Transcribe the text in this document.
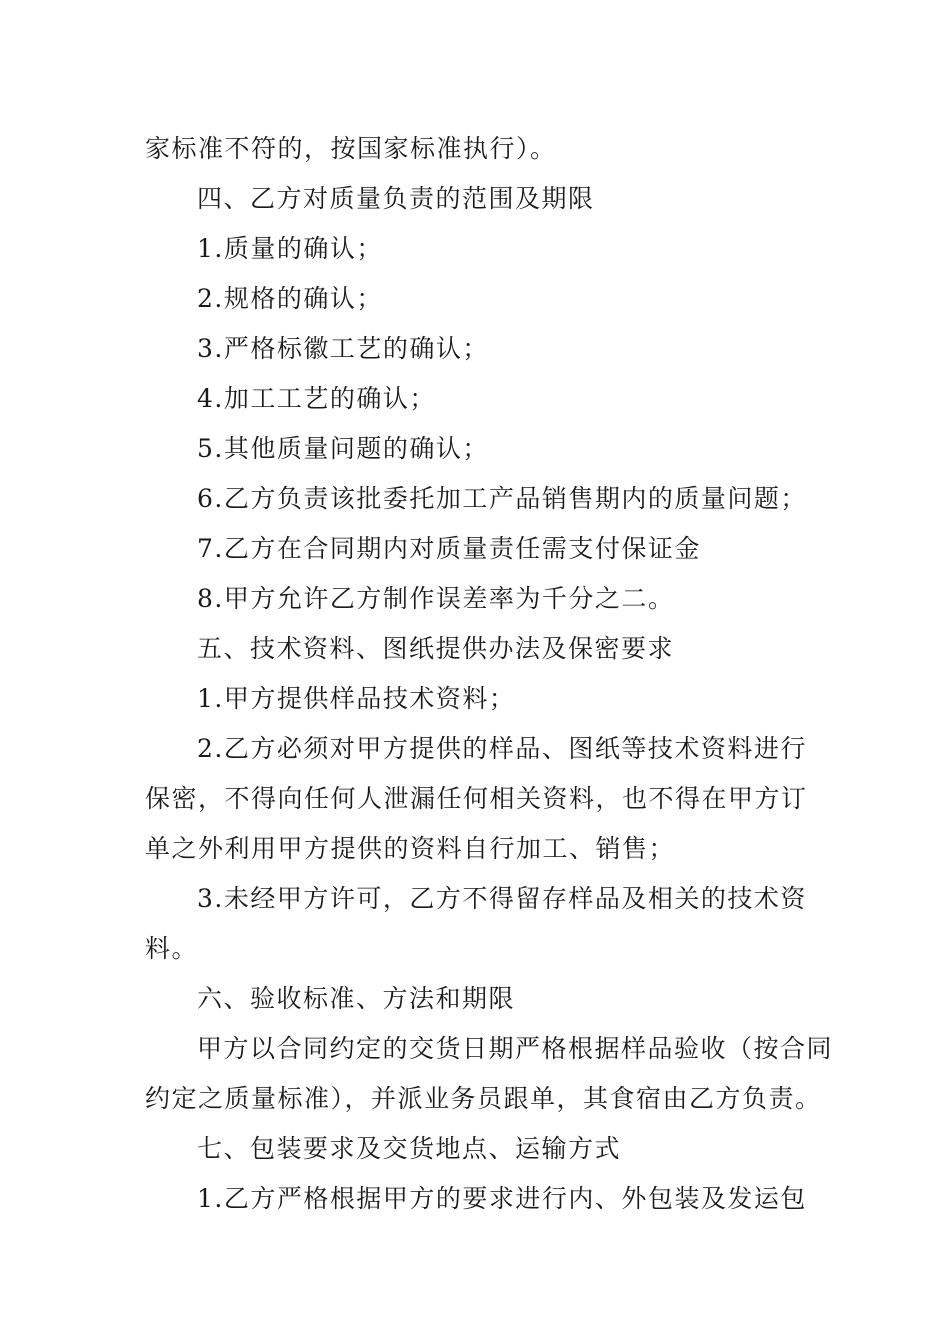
家标准不符的，按国家标准执行）。
四、乙方对质量负责的范围及期限
1.质量的确认；
2.规格的确认；
3.严格标徽工艺的确认；
4.加工工艺的确认；
5.其他质量问题的确认；
6.乙方负责该批委托加工产品销售期内的质量问题；
7.乙方在合同期内对质量责任需支付保证金
8.甲方允许乙方制作误差率为千分之二。
五、技术资料、图纸提供办法及保密要求
1.甲方提供样品技术资料；
2.乙方必须对甲方提供的样品、图纸等技术资料进行
保密，不得向任何人泄漏任何相关资料，也不得在甲方订
单之外利用甲方提供的资料自行加工、销售；
3.未经甲方许可，乙方不得留存样品及相关的技术资
料。
六、验收标准、方法和期限
甲方以合同约定的交货日期严格根据样品验收（按合同
约定之质量标准），并派业务员跟单，其食宿由乙方负责。
七、包装要求及交货地点、运输方式
1.乙方严格根据甲方的要求进行内、外包装及发运包
